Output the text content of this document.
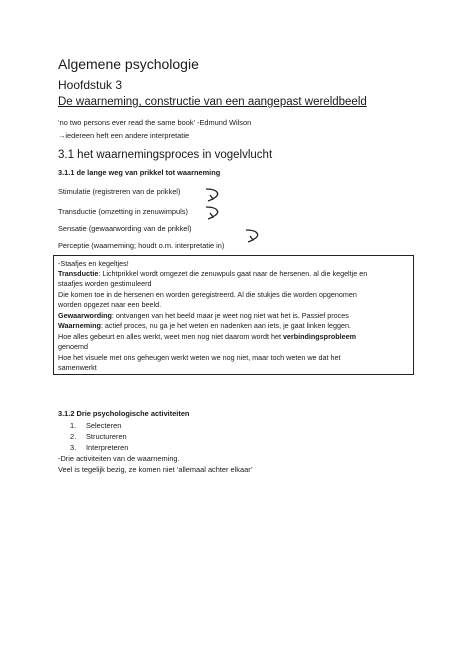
Algemene psychologie
Hoofdstuk 3
De waarneming, constructie van een aangepast wereldbeeld
‘no two persons ever read the same book’ -Edmund Wilson
→iedereen heft een andere interpretatie
3.1 het waarnemingsproces in vogelvlucht
3.1.1 de lange weg van prikkel tot waarneming
Stimulatie (registreren van de prikkel)
Transductie (omzetting in zenuwimpuls)
Sensatie (gewaarwording van de prikkel)
Perceptie (waarneming; houdt o.m. interpretatie in)
-Staafjes en kegeltjes!
Transductie: Lichtprikkel wordt omgezet die zenuwpuls gaat naar de hersenen. al die kegeltje en
staafjes worden gestimuleerd
Die komen toe in de hersenen en worden geregistreerd. Al die stukjes die worden opgenomen
worden opgezet naar een beeld.
Gewaarwording: ontvangen van het beeld maar je weet nog niet wat het is. Passief proces
Waarneming: actief proces, nu ga je het weten en nadenken aan iets, je gaat linken leggen.
Hoe alles gebeurt en alles werkt, weet men nog niet daarom wordt het verbindingsprobleem
genoemd
Hoe het visuele met ons geheugen werkt weten we nog niet, maar toch weten we dat het
samenwerkt
3.1.2 Drie psychologische activiteiten
1. Selecteren
2. Structureren
3. Interpreteren
-Drie activiteiten van de waarneming.
Veel is tegelijk bezig, ze komen niet ‘allemaal achter elkaar’
